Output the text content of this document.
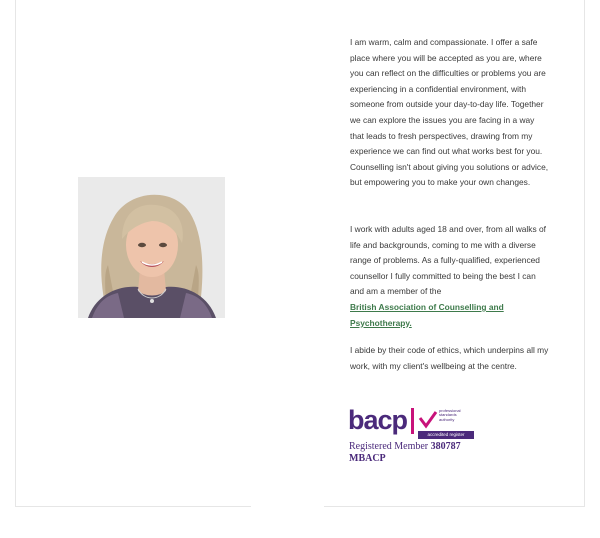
I am warm, calm and compassionate. I offer a safe place where you will be accepted as you are, where you can reflect on the difficulties or problems you are experiencing in a confidential environment, with someone from outside your day-to-day life. Together we can explore the issues you are facing in a way that leads to fresh perspectives, drawing from my experience we can find out what works best for you. Counselling isn't about giving you solutions or advice, but empowering you to make your own changes.

I work with adults aged 18 and over, from all walks of life and backgrounds, coming to me with a diverse range of problems. As a fully-qualified, experienced counsellor I fully committed to being the best I can and am a member of the
British Association of Counselling and Psychotherapy.

I abide by their code of ethics, which underpins all my work, with my client's wellbeing at the centre.

bacp	professional standards authority
accredited register
Registered Member 380787
MBACP
